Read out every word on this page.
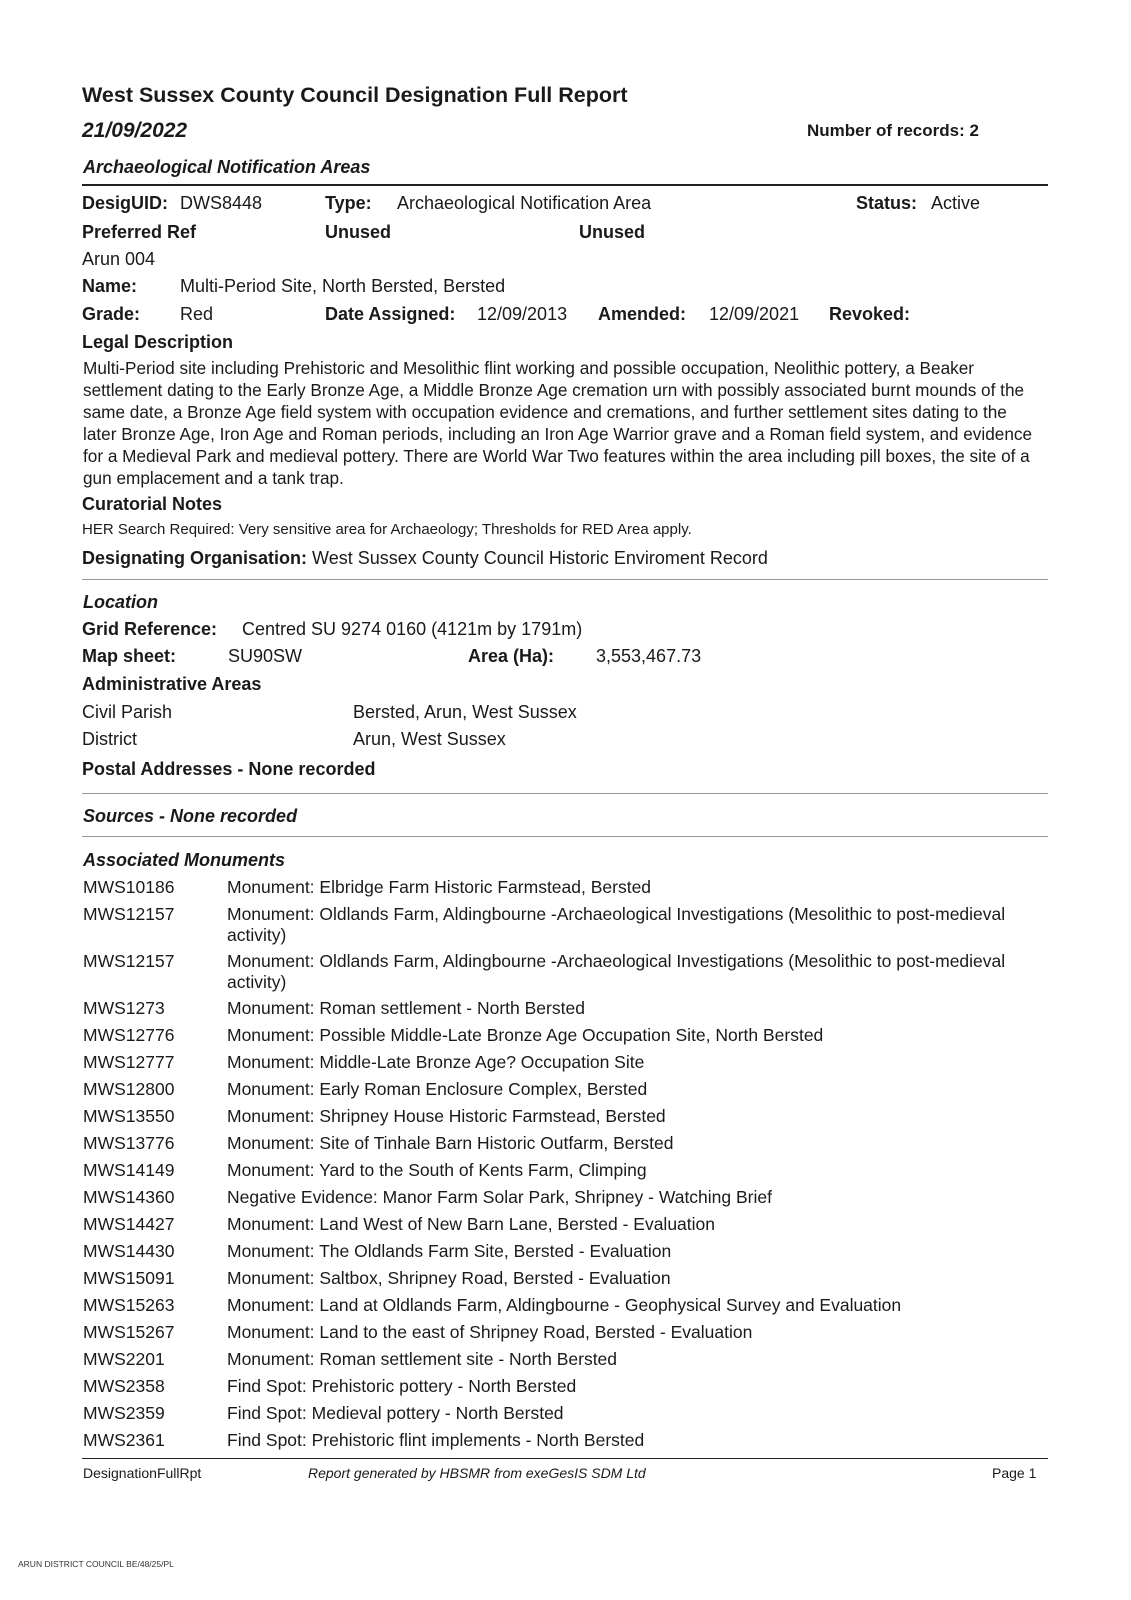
West Sussex County Council Designation Full Report
21/09/2022	Number of records: 2
Archaeological Notification Areas
DesigUID: DWS8448	Type: Archaeological Notification Area	Status: Active
Preferred Ref	Unused	Unused
Arun 004
Name: Multi-Period Site, North Bersted, Bersted
Grade: Red	Date Assigned: 12/09/2013 Amended: 12/09/2021 Revoked:
Legal Description
Multi-Period site including Prehistoric and Mesolithic flint working and possible occupation, Neolithic pottery, a Beaker settlement dating to the Early Bronze Age, a Middle Bronze Age cremation urn with possibly associated burnt mounds of the same date, a Bronze Age field system with occupation evidence and cremations, and further settlement sites dating to the later Bronze Age, Iron Age and Roman periods, including an Iron Age Warrior grave and a Roman field system, and evidence for a Medieval Park and medieval pottery. There are World War Two features within the area including pill boxes, the site of a gun emplacement and a tank trap.
Curatorial Notes
HER Search Required: Very sensitive area for Archaeology; Thresholds for RED Area apply.
Designating Organisation: West Sussex County Council Historic Enviroment Record
Location
Grid Reference: Centred SU 9274 0160 (4121m by 1791m)
Map sheet:	SU90SW	Area (Ha): 3,553,467.73
Administrative Areas
Civil Parish	Bersted, Arun, West Sussex
District	Arun, West Sussex
Postal Addresses - None recorded
Sources - None recorded
Associated Monuments
MWS10186	Monument: Elbridge Farm Historic Farmstead, Bersted
MWS12157	Monument: Oldlands Farm, Aldingbourne -Archaeological Investigations (Mesolithic to post-medieval activity)
MWS12157	Monument: Oldlands Farm, Aldingbourne -Archaeological Investigations (Mesolithic to post-medieval activity)
MWS1273	Monument: Roman settlement - North Bersted
MWS12776	Monument: Possible Middle-Late Bronze Age Occupation Site, North Bersted
MWS12777	Monument: Middle-Late Bronze Age? Occupation Site
MWS12800	Monument: Early Roman Enclosure Complex, Bersted
MWS13550	Monument: Shripney House Historic Farmstead, Bersted
MWS13776	Monument: Site of Tinhale Barn Historic Outfarm, Bersted
MWS14149	Monument: Yard to the South of Kents Farm, Climping
MWS14360	Negative Evidence: Manor Farm Solar Park, Shripney - Watching Brief
MWS14427	Monument: Land West of New Barn Lane, Bersted - Evaluation
MWS14430	Monument: The Oldlands Farm Site, Bersted - Evaluation
MWS15091	Monument: Saltbox, Shripney Road, Bersted - Evaluation
MWS15263	Monument: Land at Oldlands Farm, Aldingbourne - Geophysical Survey and Evaluation
MWS15267	Monument: Land to the east of Shripney Road, Bersted - Evaluation
MWS2201	Monument: Roman settlement site - North Bersted
MWS2358	Find Spot: Prehistoric pottery - North Bersted
MWS2359	Find Spot: Medieval pottery - North Bersted
MWS2361	Find Spot: Prehistoric flint implements - North Bersted
DesignationFullRpt	Report generated by HBSMR from exeGesIS SDM Ltd	Page 1
ARUN DISTRICT COUNCIL BE/48/25/PL
